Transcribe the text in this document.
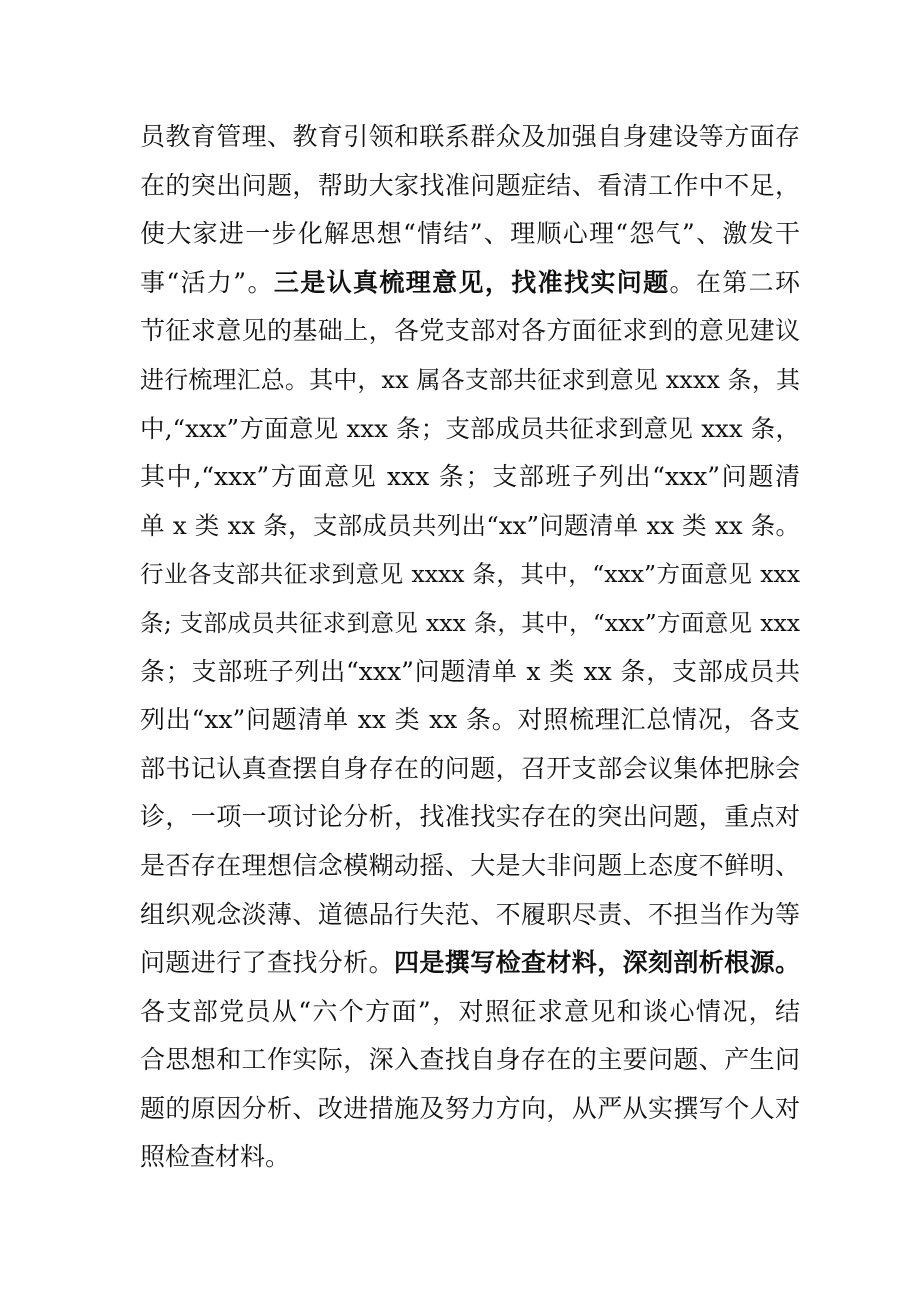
员教育管理、教育引领和联系群众及加强自身建设等方面存
在的突出问题，帮助大家找准问题症结、看清工作中不足，
使大家进一步化解思想“情结”、理顺心理“怨气”、激发干
事“活力”。三是认真梳理意见，找准找实问题。在第二环
节征求意见的基础上，各党支部对各方面征求到的意见建议
进行梳理汇总。其中，xx 属各支部共征求到意见 xxxx 条，其
中,“xxx”方面意见 xxx 条；支部成员共征求到意见 xxx 条，
其中,“xxx”方面意见 xxx 条；支部班子列出“xxx”问题清
单 x 类 xx 条，支部成员共列出“xx”问题清单 xx 类 xx 条。
行业各支部共征求到意见 xxxx 条，其中，“xxx”方面意见 xxx
条; 支部成员共征求到意见 xxx 条，其中，“xxx”方面意见 xxx
条；支部班子列出“xxx”问题清单 x 类 xx 条，支部成员共
列出“xx”问题清单 xx 类 xx 条。对照梳理汇总情况，各支
部书记认真查摆自身存在的问题，召开支部会议集体把脉会
诊，一项一项讨论分析，找准找实存在的突出问题，重点对
是否存在理想信念模糊动摇、大是大非问题上态度不鲜明、
组织观念淡薄、道德品行失范、不履职尽责、不担当作为等
问题进行了查找分析。四是撰写检查材料，深刻剖析根源。
各支部党员从“六个方面”，对照征求意见和谈心情况，结
合思想和工作实际，深入查找自身存在的主要问题、产生问
题的原因分析、改进措施及努力方向，从严从实撰写个人对
照检查材料。
